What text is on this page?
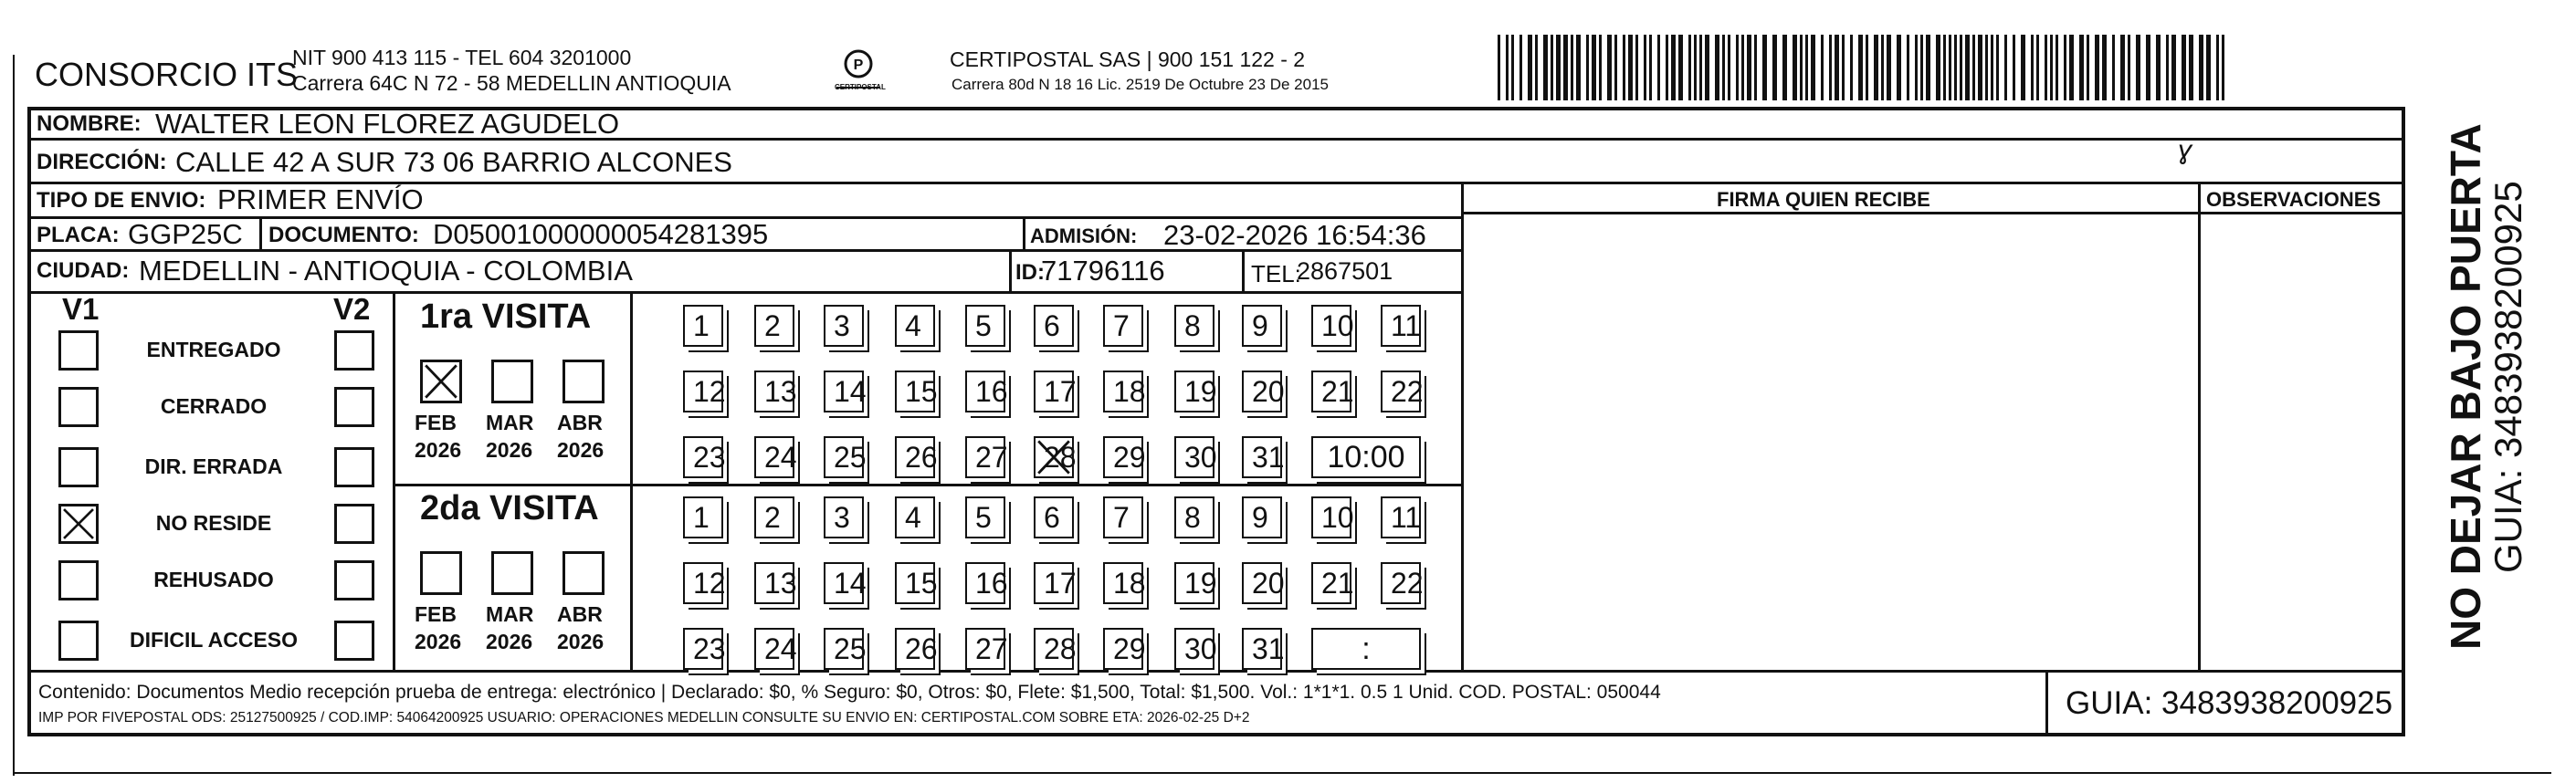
CONSORCIO ITS
NIT 900 413 115 - TEL 604 3201000
Carrera 64C N 72 - 58 MEDELLIN ANTIOQUIA
P
CERTIPOSTAL
CERTIPOSTAL SAS | 900 151 122 - 2
Carrera 80d N 18 16 Lic. 2519 De Octubre 23 De 2015
NOMBRE: WALTER LEON FLOREZ AGUDELO
DIRECCIÓN: CALLE 42 A SUR 73 06 BARRIO ALCONES	ɣ
TIPO DE ENVIO: PRIMER ENVÍO	FIRMA QUIEN RECIBE	OBSERVACIONES
PLACA: GGP25C DOCUMENTO: D05001000000054281395	ADMISIÓN: 23-02-2026 16:54:36
CIUDAD: MEDELLIN - ANTIOQUIA - COLOMBIA	ID:
71796116	TEL:
2867501
V1	V2
ENTREGADO
CERRADO
DIR. ERRADA
NO RESIDE
REHUSADO
DIFICIL ACCESO
1ra VISITA
FEB
2026
MAR
2026
ABR
2026
1	2	3	4	5	6	7	8	9	10	11
12	13	14	15	16	17	18	19	20	21	22
23	24	25	26	27	28	29	30	31	10:00
2da VISITA
FEB
2026
MAR
2026
ABR
2026
1	2	3	4	5	6	7	8	9	10	11
12	13	14	15	16	17	18	19	20	21	22
23	24	25	26	27	28	29	30	31	:
Contenido: Documentos Medio recepción prueba de entrega: electrónico | Declarado: $0, % Seguro: $0, Otros: $0, Flete: $1,500, Total: $1,500. Vol.: 1*1*1. 0.5 1 Unid. COD. POSTAL: 050044
IMP POR FIVEPOSTAL ODS: 25127500925 / COD.IMP: 54064200925 USUARIO: OPERACIONES MEDELLIN CONSULTE SU ENVIO EN: CERTIPOSTAL.COM SOBRE ETA: 2026-02-25 D+2	GUIA: 3483938200925
NO DEJAR BAJO PUERTA
GUIA: 3483938200925
